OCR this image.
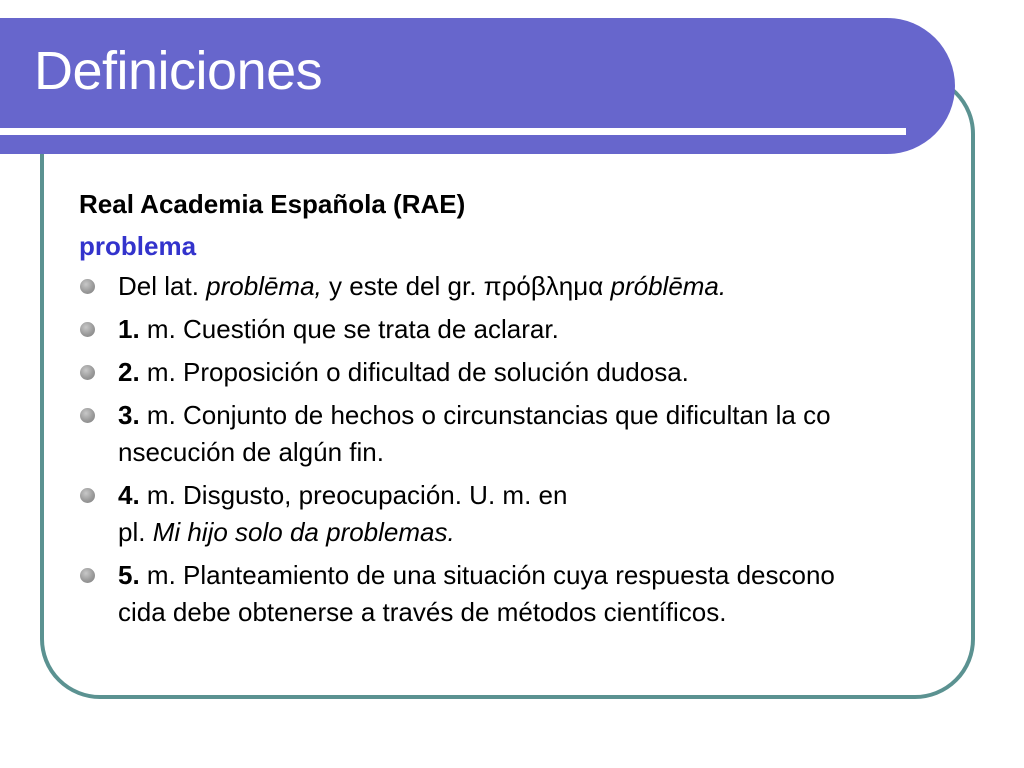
Definiciones
Real Academia Española (RAE)
problema
Del lat. problēma, y este del gr. πρόβλημα próblēma.
1. m. Cuestión que se trata de aclarar.
2. m. Proposición o dificultad de solución dudosa.
3. m. Conjunto de hechos o circunstancias que dificultan la co
nsecución de algún fin.
4. m. Disgusto, preocupación. U. m. en
pl. Mi hijo solo da problemas.
5. m. Planteamiento de una situación cuya respuesta descono
cida debe obtenerse a través de métodos científicos.
